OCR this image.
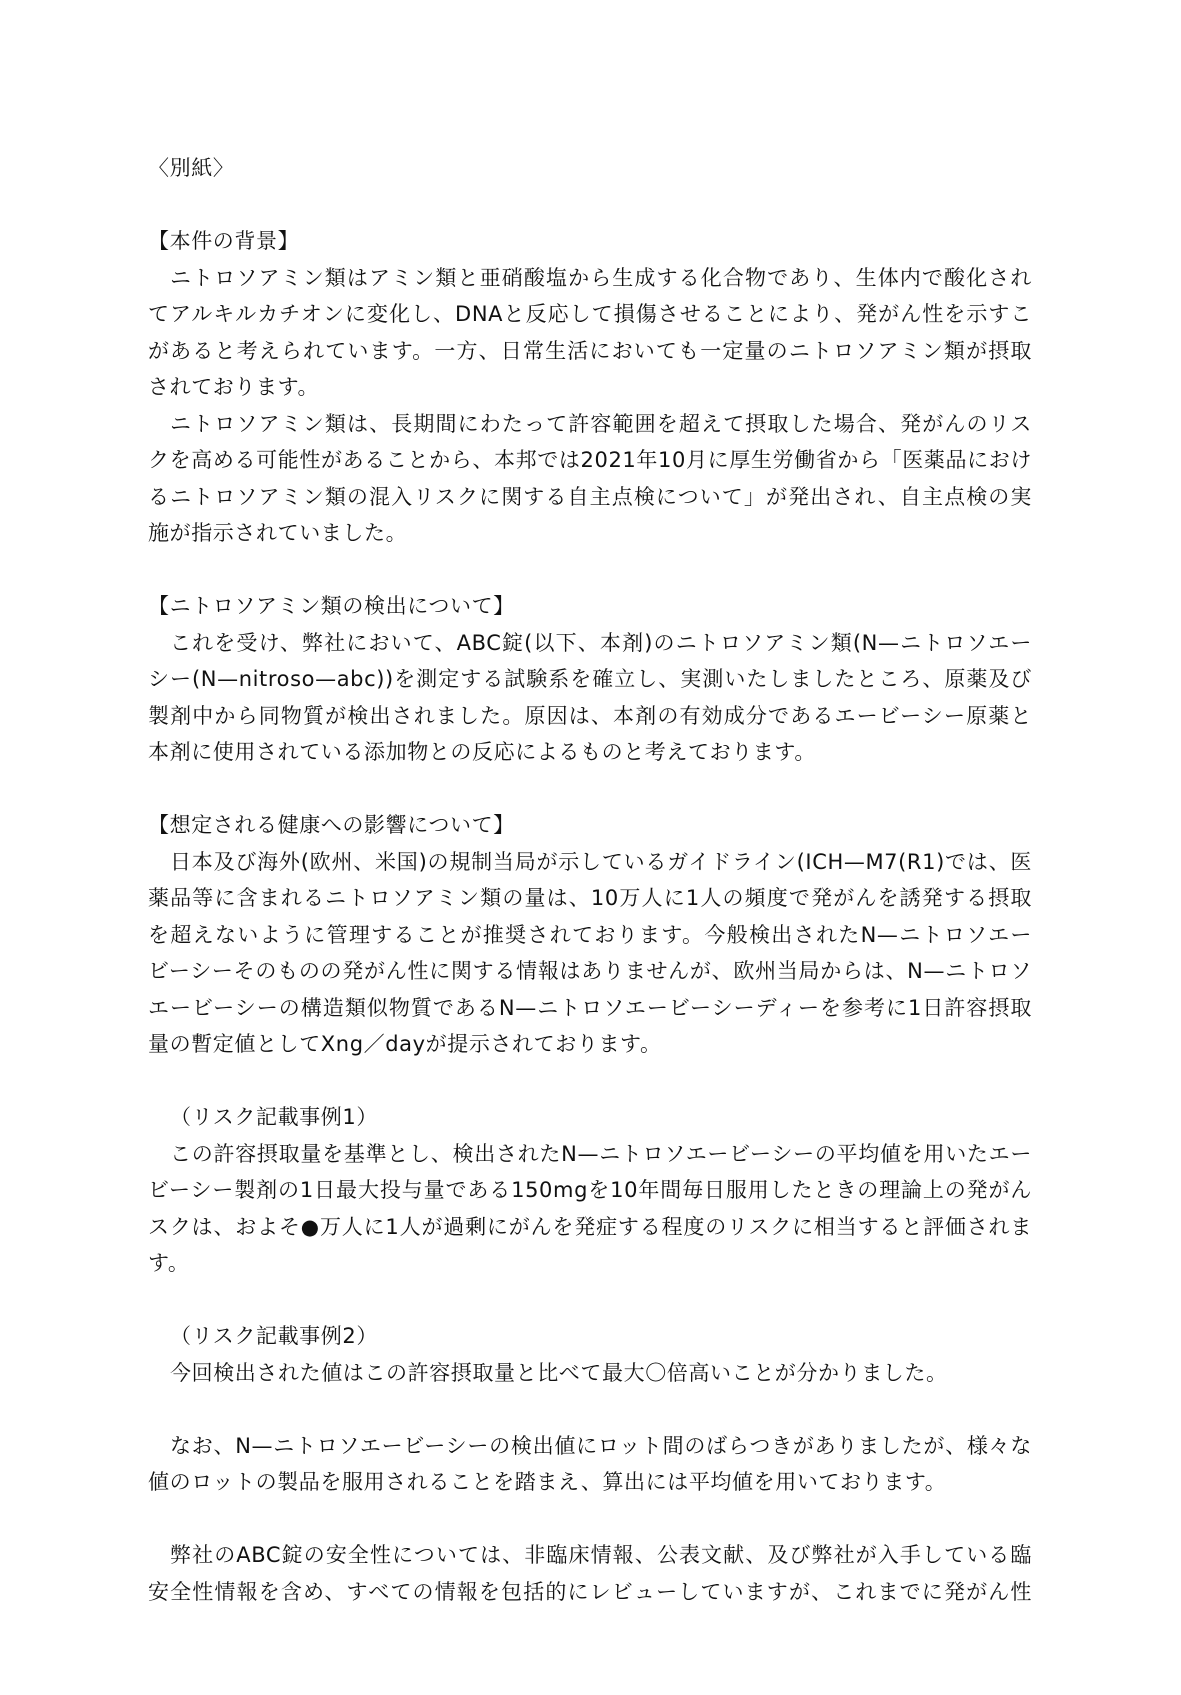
〈別紙〉
【本件の背景】
ニトロソアミン類はアミン類と亜硝酸塩から生成する化合物であり、生体内で酸化され
てアルキルカチオンに変化し、DNAと反応して損傷させることにより、発がん性を示すこ
があると考えられています。一方、日常生活においても一定量のニトロソアミン類が摂取
されております。
ニトロソアミン類は、長期間にわたって許容範囲を超えて摂取した場合、発がんのリス
クを高める可能性があることから、本邦では2021年10月に厚生労働省から「医薬品におけ
るニトロソアミン類の混入リスクに関する自主点検について」が発出され、自主点検の実
施が指示されていました。
【ニトロソアミン類の検出について】
これを受け、弊社において、ABC錠(以下、本剤)のニトロソアミン類(N—ニトロソエー
シー(N—nitroso—abc))を測定する試験系を確立し、実測いたしましたところ、原薬及び
製剤中から同物質が検出されました。原因は、本剤の有効成分であるエービーシー原薬と
本剤に使用されている添加物との反応によるものと考えております。
【想定される健康への影響について】
日本及び海外(欧州、米国)の規制当局が示しているガイドライン(ICH—M7(R1)では、医
薬品等に含まれるニトロソアミン類の量は、10万人に1人の頻度で発がんを誘発する摂取
を超えないように管理することが推奨されております。今般検出されたN—ニトロソエー
ビーシーそのものの発がん性に関する情報はありませんが、欧州当局からは、N—ニトロソ
エービーシーの構造類似物質であるN—ニトロソエービーシーディーを参考に1日許容摂取
量の暫定値としてXng／dayが提示されております。
（リスク記載事例1）
この許容摂取量を基準とし、検出されたN—ニトロソエービーシーの平均値を用いたエー
ビーシー製剤の1日最大投与量である150mgを10年間毎日服用したときの理論上の発がん
スクは、およそ●万人に1人が過剰にがんを発症する程度のリスクに相当すると評価されま
す。
（リスク記載事例2）
今回検出された値はこの許容摂取量と比べて最大〇倍高いことが分かりました。
なお、N—ニトロソエービーシーの検出値にロット間のばらつきがありましたが、様々な
値のロットの製品を服用されることを踏まえ、算出には平均値を用いております。
弊社のABC錠の安全性については、非臨床情報、公表文献、及び弊社が入手している臨
安全性情報を含め、すべての情報を包括的にレビューしていますが、これまでに発がん性
